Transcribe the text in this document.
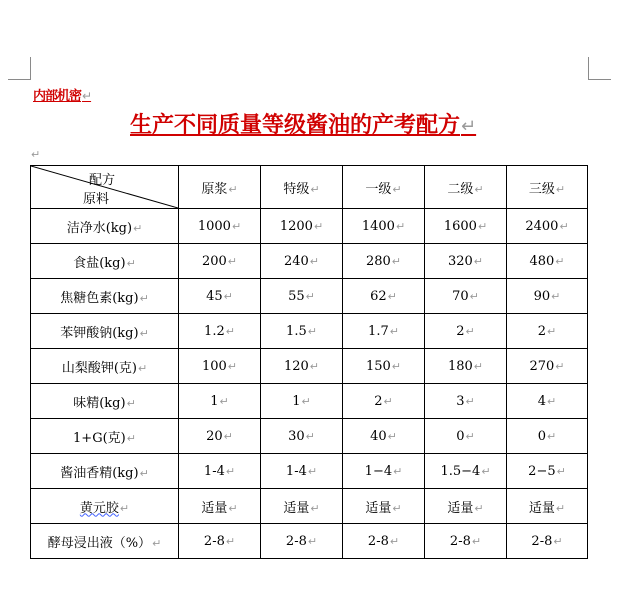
内部机密↵
生产不同质量等级酱油的产考配方↵
↵
配方
原料	原浆↵	特级↵	一级↵	二级↵	三级↵
洁净水(kg)↵	1000↵	1200↵	1400↵	1600↵	2400↵
食盐(kg)↵	200↵	240↵	280↵	320↵	480↵
焦糖色素(kg)↵	45↵	55↵	62↵	70↵	90↵
苯钾酸钠(kg)↵	1.2↵	1.5↵	1.7↵	2↵	2↵
山梨酸钾(克)↵	100↵	120↵	150↵	180↵	270↵
味精(kg)↵	1↵	1↵	2↵	3↵	4↵
1+G(克)↵	20↵	30↵	40↵	0↵	0↵
酱油香精(kg)↵	1-4↵	1-4↵	1−4↵	1.5−4↵	2−5↵
黄元胶↵	适量↵	适量↵	适量↵	适量↵	适量↵
酵母浸出液（%）↵	2-8↵	2-8↵	2-8↵	2-8↵	2-8↵
